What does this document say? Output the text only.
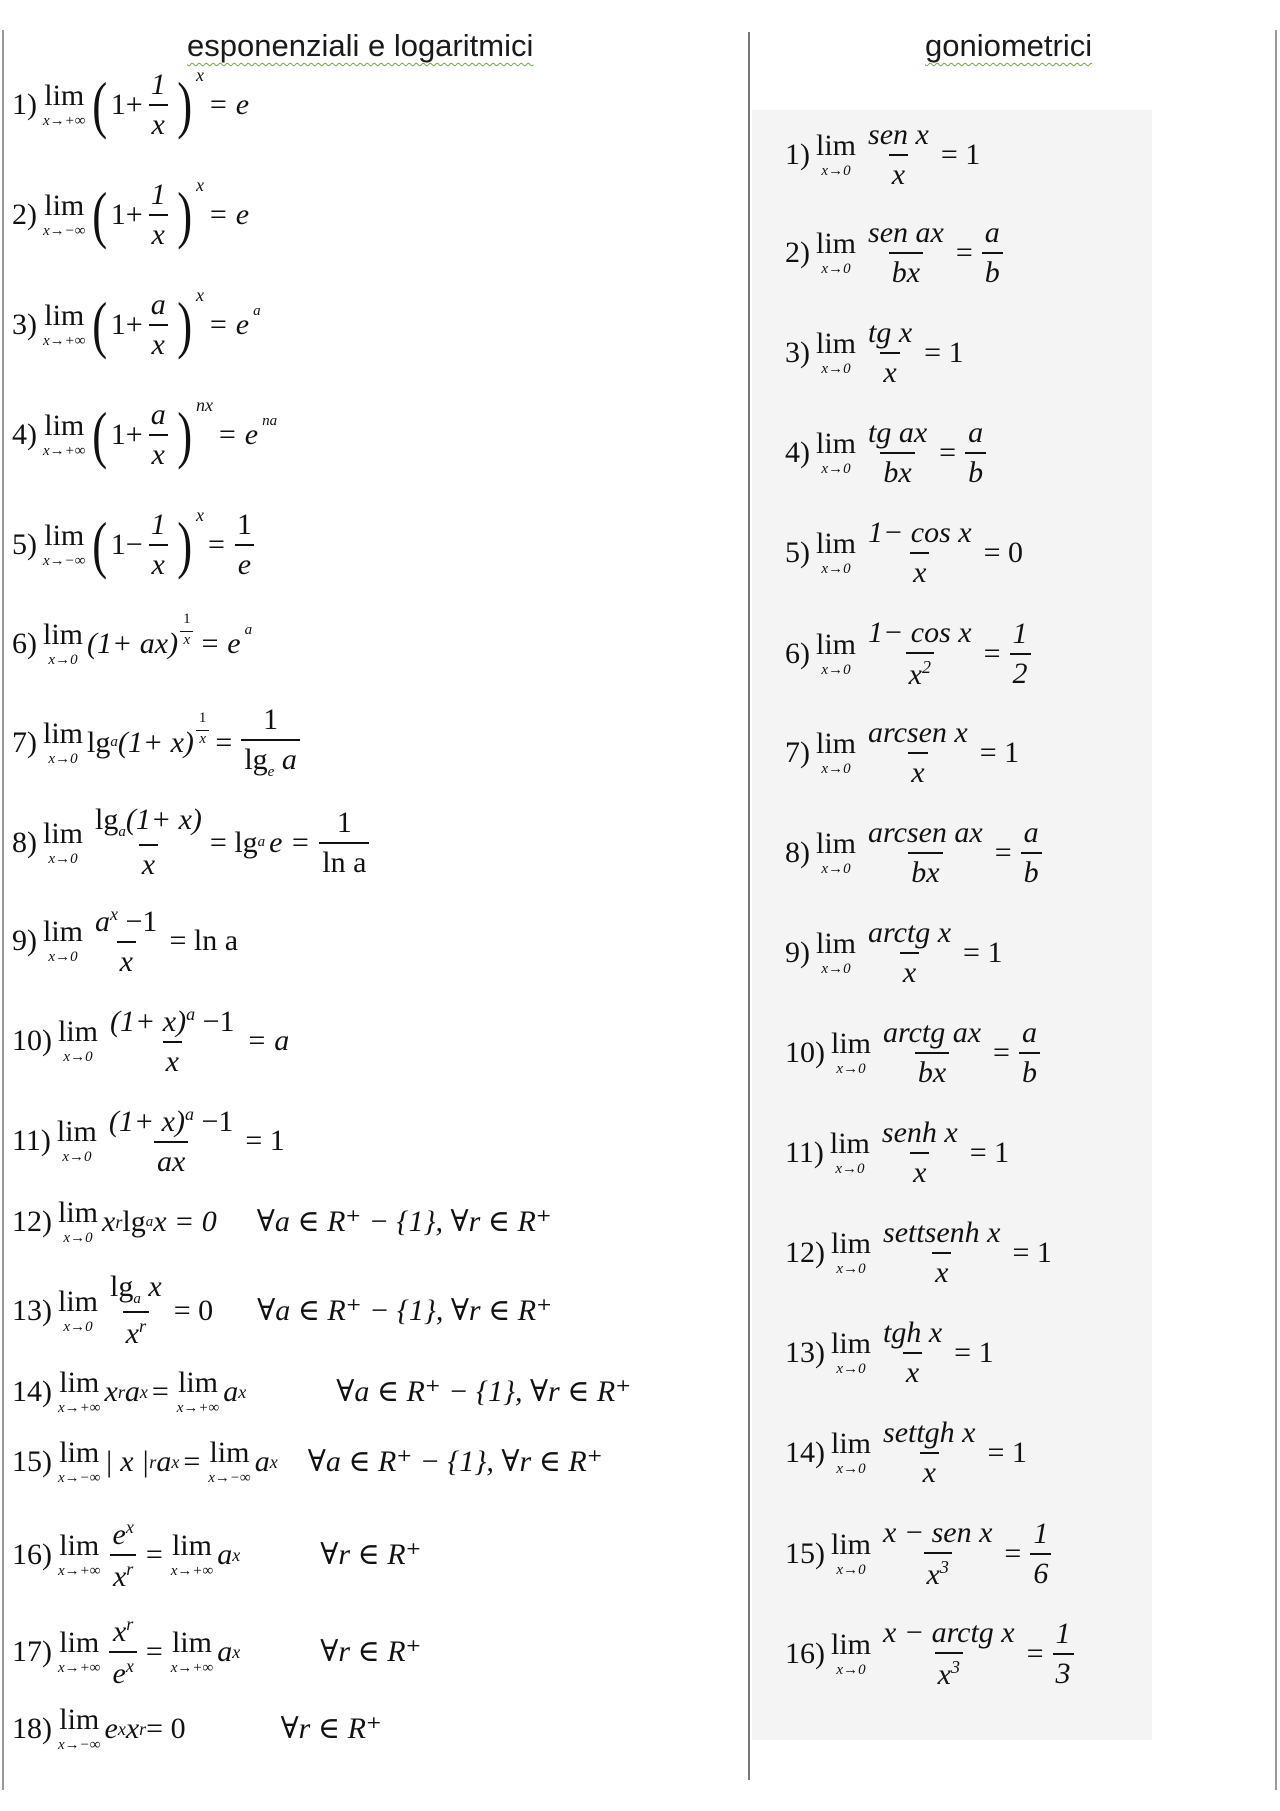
esponenziali e logaritmici
1) lim
x→+∞ ( $1+ \frac{1}{x}$ ) x
= e
2) lim
x→−∞ ( $1+ \frac{1}{x}$ ) x
= e
3) lim
x→+∞ ( $1+ \frac{a}{x}$ ) x
= e a
4) lim
x→+∞ ( $1+ \frac{a}{x}$ ) nx
= e na
5) lim
x→−∞ ( $1- \frac{1}{x}$ ) x
= $\frac{1}{e}$
6) lim
x→0 $(1+ ax) \frac{1}{x} = e$ a
7) lim
x→0 lg a $(1+ x) \frac{1}{x} = \frac{1}{\lg_e a}$
8) lim
$x\to 0 \frac{\lg_a(1+ x)}{x} = \lg a$ $e = \frac{1}{\text{ln a}}$
9) lim
$x\to 0 \frac{a^x -1}{x} = \ln a$
10) lim
$x\to 0 \frac{(1+ x)^a -1}{x} = a$
11) lim
$x\to 0 \frac{(1+ x)^a -1}{ax} = 1$
12) lim
x→0 x r lg a x = 0 ∀a ∈ R⁺ − {1}, ∀r ∈ R⁺
13) lim
$x\to 0 \frac{\lg_a x}{x^r} = 0$ ∀a ∈ R⁺ − {1}, ∀r ∈ R⁺
14) lim
x→+∞ x r a x = lim
x→+∞ a x	∀a ∈ R⁺ − {1}, ∀r ∈ R⁺
15) lim
x→−∞ | x | r a x = lim
x→−∞ a x ∀a ∈ R⁺ − {1}, ∀r ∈ R⁺
16) lim
$x\to+\infty \frac{e^x}{x^r} = \lim$
x→+∞ a x	∀r ∈ R⁺
17) lim
$x\to+\infty \frac{x^r}{e^x} = \lim$
x→+∞ a x	∀r ∈ R⁺
18) lim
x→−∞ e x x r = 0	∀r ∈ R⁺
goniometrici
1) lim
$x\to 0 \frac{\text{sen x}}{x} = 1$
2) lim
$x\to 0 \frac{\text{sen ax}}{bx} = \frac{a}{b}$
3) lim
$x\to 0 \frac{\text{tg x}}{x} = 1$
4) lim
$x\to 0 \frac{\text{tg ax}}{bx} = \frac{a}{b}$
5) lim
$x\to 0 \frac{\text{1− cos x}}{x} = 0$
6) lim
$x\to 0 \frac{\text{1− cos x}}{x^2} = \frac{1}{2}$
7) lim
$x\to 0 \frac{\text{arcsen x}}{x} = 1$
8) lim
$x\to 0 \frac{\text{arcsen ax}}{bx} = \frac{a}{b}$
9) lim
$x\to 0 \frac{\text{arctg x}}{x} = 1$
10) lim
$x\to 0 \frac{\text{arctg ax}}{bx} = \frac{a}{b}$
11) lim
$x\to 0 \frac{\text{senh x}}{x} = 1$
12) lim
$x\to 0 \frac{\text{settsenh x}}{x} = 1$
13) lim
$x\to 0 \frac{\text{tgh x}}{x} = 1$
14) lim
$x\to 0 \frac{\text{settgh x}}{x} = 1$
15) lim
$x\to 0 \frac{\text{x − sen x}}{x^3} = \frac{1}{6}$
16) lim
$x\to 0 \frac{\text{x − arctg x}}{x^3} = \frac{1}{3}$
